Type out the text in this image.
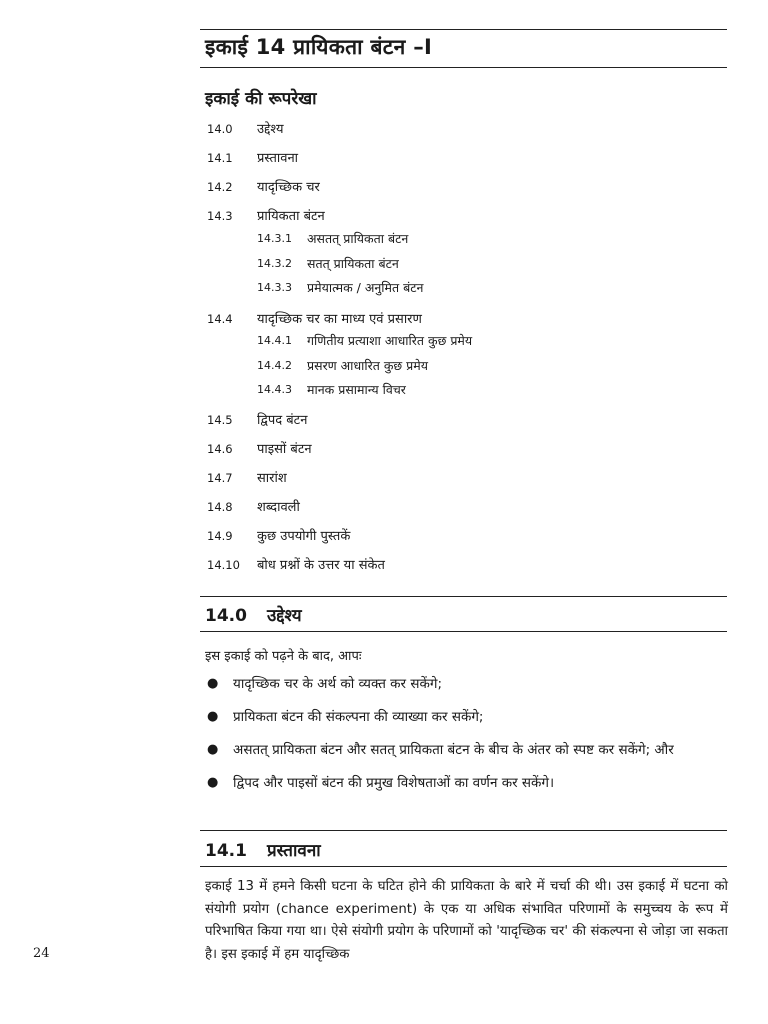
इकाई 14 प्रायिकता बंटन –I
इकाई की रूपरेखा
14.0 उद्देश्य
14.1 प्रस्तावना
14.2 यादृच्छिक चर
14.3 प्रायिकता बंटन
14.3.1 असतत् प्रायिकता बंटन
14.3.2 सतत् प्रायिकता बंटन
14.3.3 प्रमेयात्मक / अनुमित बंटन
14.4 यादृच्छिक चर का माध्य एवं प्रसारण
14.4.1 गणितीय प्रत्याशा आधारित कुछ प्रमेय
14.4.2 प्रसरण आधारित कुछ प्रमेय
14.4.3 मानक प्रसामान्य विचर
14.5 द्विपद बंटन
14.6 पाइसों बंटन
14.7 सारांश
14.8 शब्दावली
14.9 कुछ उपयोगी पुस्तकें
14.10 बोध प्रश्नों के उत्तर या संकेत
14.0 उद्देश्य
इस इकाई को पढ़ने के बाद, आपः
● यादृच्छिक चर के अर्थ को व्यक्त कर सकेंगे;
● प्रायिकता बंटन की संकल्पना की व्याख्या कर सकेंगे;
● असतत् प्रायिकता बंटन और सतत् प्रायिकता बंटन के बीच के अंतर को स्पष्ट कर सकेंगे; और
● द्विपद और पाइसों बंटन की प्रमुख विशेषताओं का वर्णन कर सकेंगे।
14.1 प्रस्तावना

इकाई 13 में हमने किसी घटना के घटित होने की प्रायिकता के बारे में चर्चा की थी। उस इकाई में घटना को संयोगी प्रयोग (chance experiment) के एक या अधिक संभावित परिणामों के समुच्चय के रूप में परिभाषित किया गया था। ऐसे संयोगी प्रयोग के परिणामों को 'यादृच्छिक चर' की संकल्पना से जोड़ा जा सकता है। इस इकाई में हम यादृच्छिक

24
